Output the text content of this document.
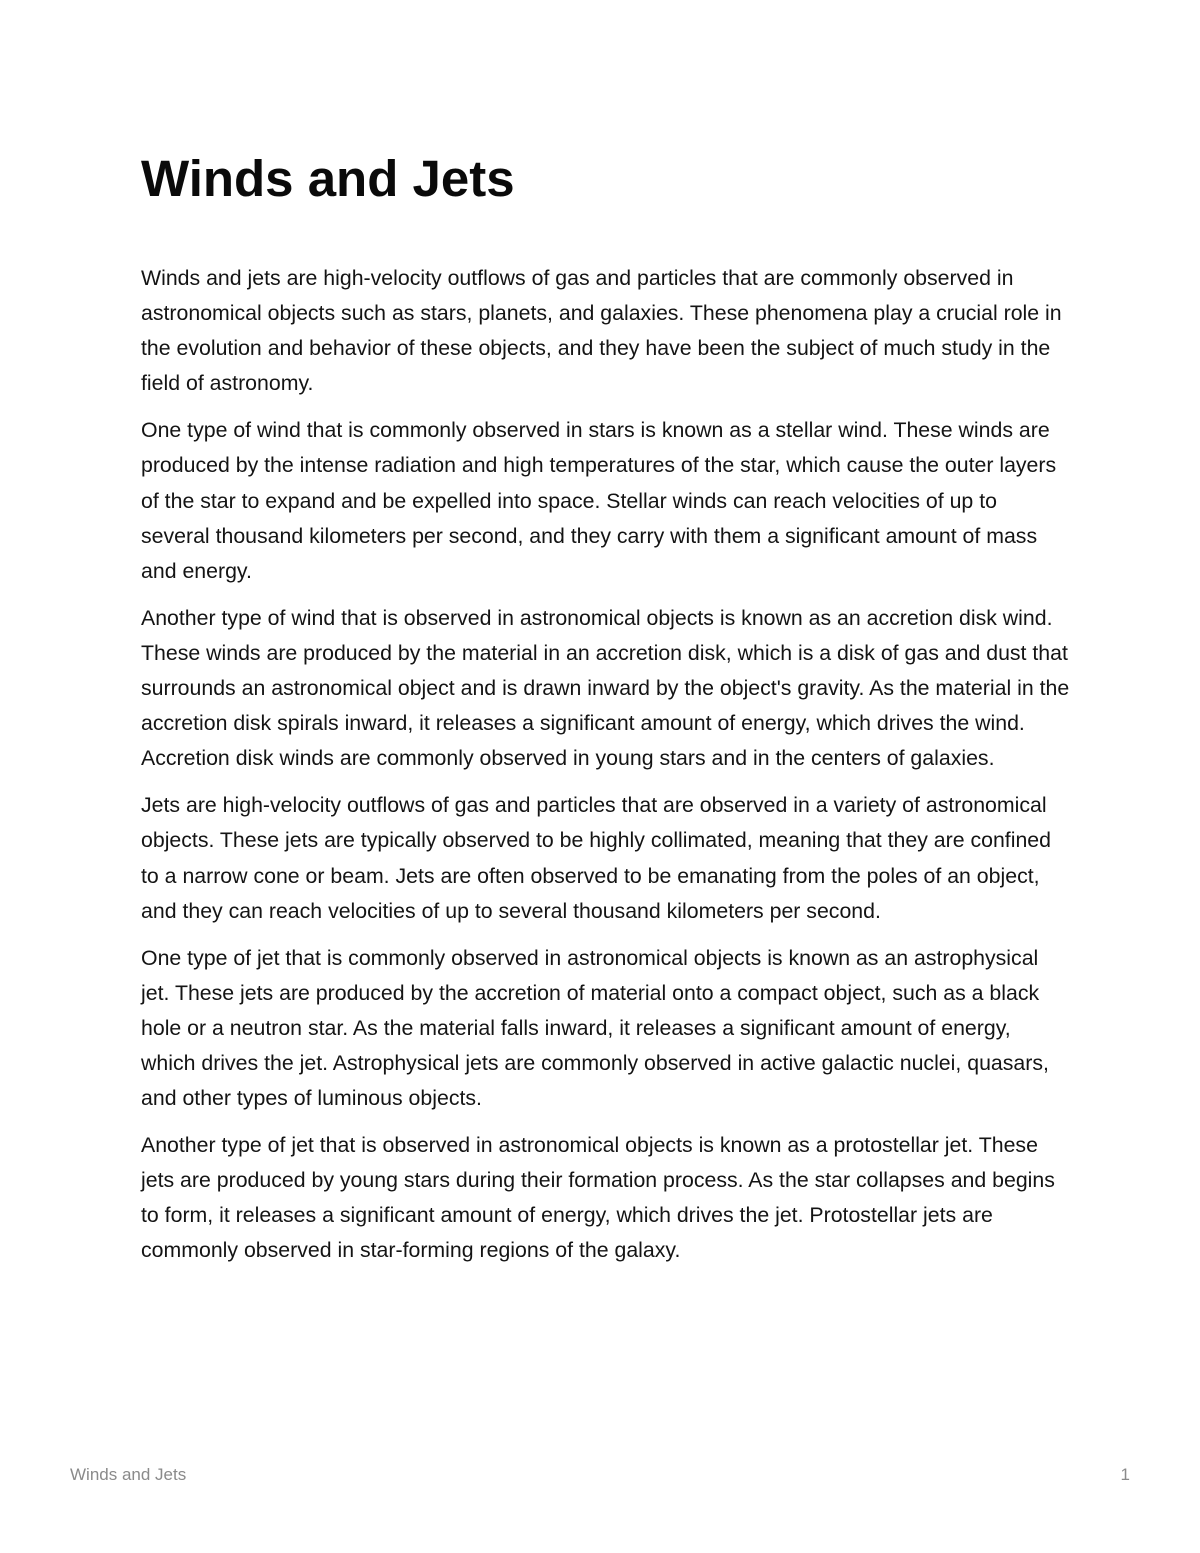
Winds and Jets

Winds and jets are high-velocity outflows of gas and particles that are commonly observed in astronomical objects such as stars, planets, and galaxies. These phenomena play a crucial role in the evolution and behavior of these objects, and they have been the subject of much study in the field of astronomy.

One type of wind that is commonly observed in stars is known as a stellar wind. These winds are produced by the intense radiation and high temperatures of the star, which cause the outer layers of the star to expand and be expelled into space. Stellar winds can reach velocities of up to several thousand kilometers per second, and they carry with them a significant amount of mass and energy.

Another type of wind that is observed in astronomical objects is known as an accretion disk wind. These winds are produced by the material in an accretion disk, which is a disk of gas and dust that surrounds an astronomical object and is drawn inward by the object's gravity. As the material in the accretion disk spirals inward, it releases a significant amount of energy, which drives the wind. Accretion disk winds are commonly observed in young stars and in the centers of galaxies.

Jets are high-velocity outflows of gas and particles that are observed in a variety of astronomical objects. These jets are typically observed to be highly collimated, meaning that they are confined to a narrow cone or beam. Jets are often observed to be emanating from the poles of an object, and they can reach velocities of up to several thousand kilometers per second.

One type of jet that is commonly observed in astronomical objects is known as an astrophysical jet. These jets are produced by the accretion of material onto a compact object, such as a black hole or a neutron star. As the material falls inward, it releases a significant amount of energy, which drives the jet. Astrophysical jets are commonly observed in active galactic nuclei, quasars, and other types of luminous objects.

Another type of jet that is observed in astronomical objects is known as a protostellar jet. These jets are produced by young stars during their formation process. As the star collapses and begins to form, it releases a significant amount of energy, which drives the jet. Protostellar jets are commonly observed in star-forming regions of the galaxy.

Winds and Jets	1
